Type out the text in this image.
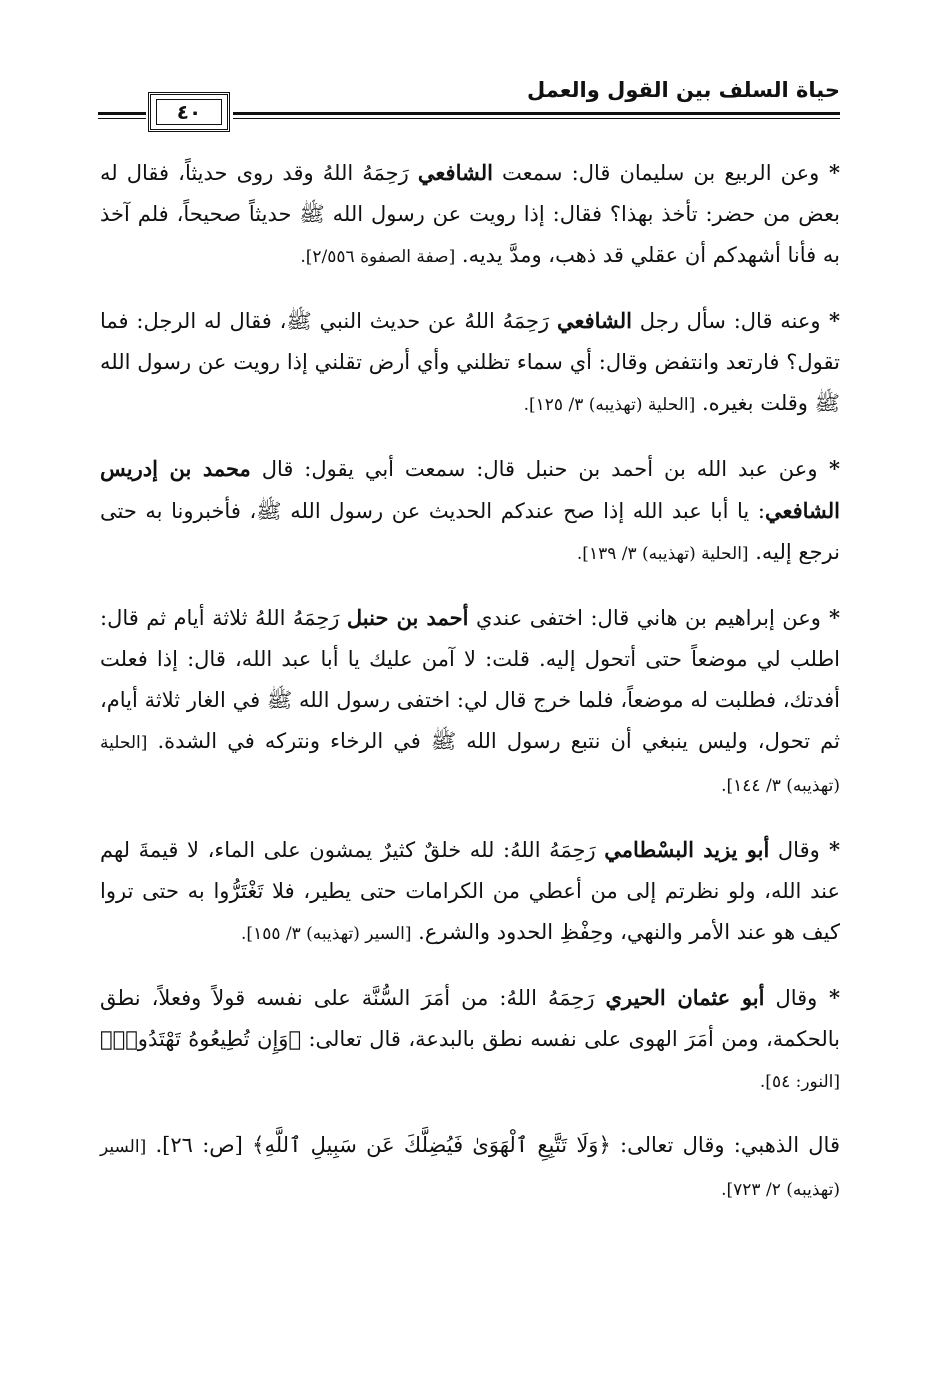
حياة السلف بين القول والعمل
٤٠

* وعن الربيع بن سليمان قال: سمعت الشافعي رَحِمَهُ اللهُ وقد روى حديثاً، فقال له بعض من حضر: تأخذ بهذا؟ فقال: إذا رويت عن رسول الله ﷺ حديثاً صحيحاً، فلم آخذ به فأنا أشهدكم أن عقلي قد ذهب، ومدَّ يديه. [صفة الصفوة ٢/٥٥٦].

* وعنه قال: سأل رجل الشافعي رَحِمَهُ اللهُ عن حديث النبي ﷺ، فقال له الرجل: فما تقول؟ فارتعد وانتفض وقال: أي سماء تظلني وأي أرض تقلني إذا رويت عن رسول الله ﷺ وقلت بغيره. [الحلية (تهذيبه) ٣/ ١٢٥].

* وعن عبد الله بن أحمد بن حنبل قال: سمعت أبي يقول: قال محمد بن إدريس الشافعي: يا أبا عبد الله إذا صح عندكم الحديث عن رسول الله ﷺ، فأخبرونا به حتى نرجع إليه. [الحلية (تهذيبه) ٣/ ١٣٩].

* وعن إبراهيم بن هاني قال: اختفى عندي أحمد بن حنبل رَحِمَهُ اللهُ ثلاثة أيام ثم قال: اطلب لي موضعاً حتى أتحول إليه. قلت: لا آمن عليك يا أبا عبد الله، قال: إذا فعلت أفدتك، فطلبت له موضعاً، فلما خرج قال لي: اختفى رسول الله ﷺ في الغار ثلاثة أيام، ثم تحول، وليس ينبغي أن نتبع رسول الله ﷺ في الرخاء ونتركه في الشدة. [الحلية (تهذيبه) ٣/ ١٤٤].

* وقال أبو يزيد البسْطامي رَحِمَهُ اللهُ: لله خلقٌ كثيرٌ يمشون على الماء، لا قيمةَ لهم عند الله، ولو نظرتم إلى من أعطي من الكرامات حتى يطير، فلا تَغْتَرُّوا به حتى تروا كيف هو عند الأمر والنهي، وحِفْظِ الحدود والشرع. [السير (تهذيبه) ٣/ ١٥٥].

* وقال أبو عثمان الحيري رَحِمَهُ اللهُ: من أمَرَ السُّنَّة على نفسه قولاً وفعلاً، نطق بالحكمة، ومن أمَرَ الهوى على نفسه نطق بالبدعة، قال تعالى: ﴿وَإِن تُطِيعُوهُ تَهْتَدُوا۟﴾ [النور: ٥٤].

قال الذهبي: وقال تعالى: ﴿وَلَا تَتَّبِعِ ٱلْهَوَىٰ فَيُضِلَّكَ عَن سَبِيلِ ٱللَّهِ﴾ [ص: ٢٦]. [السير (تهذيبه) ٢/ ٧٢٣].
